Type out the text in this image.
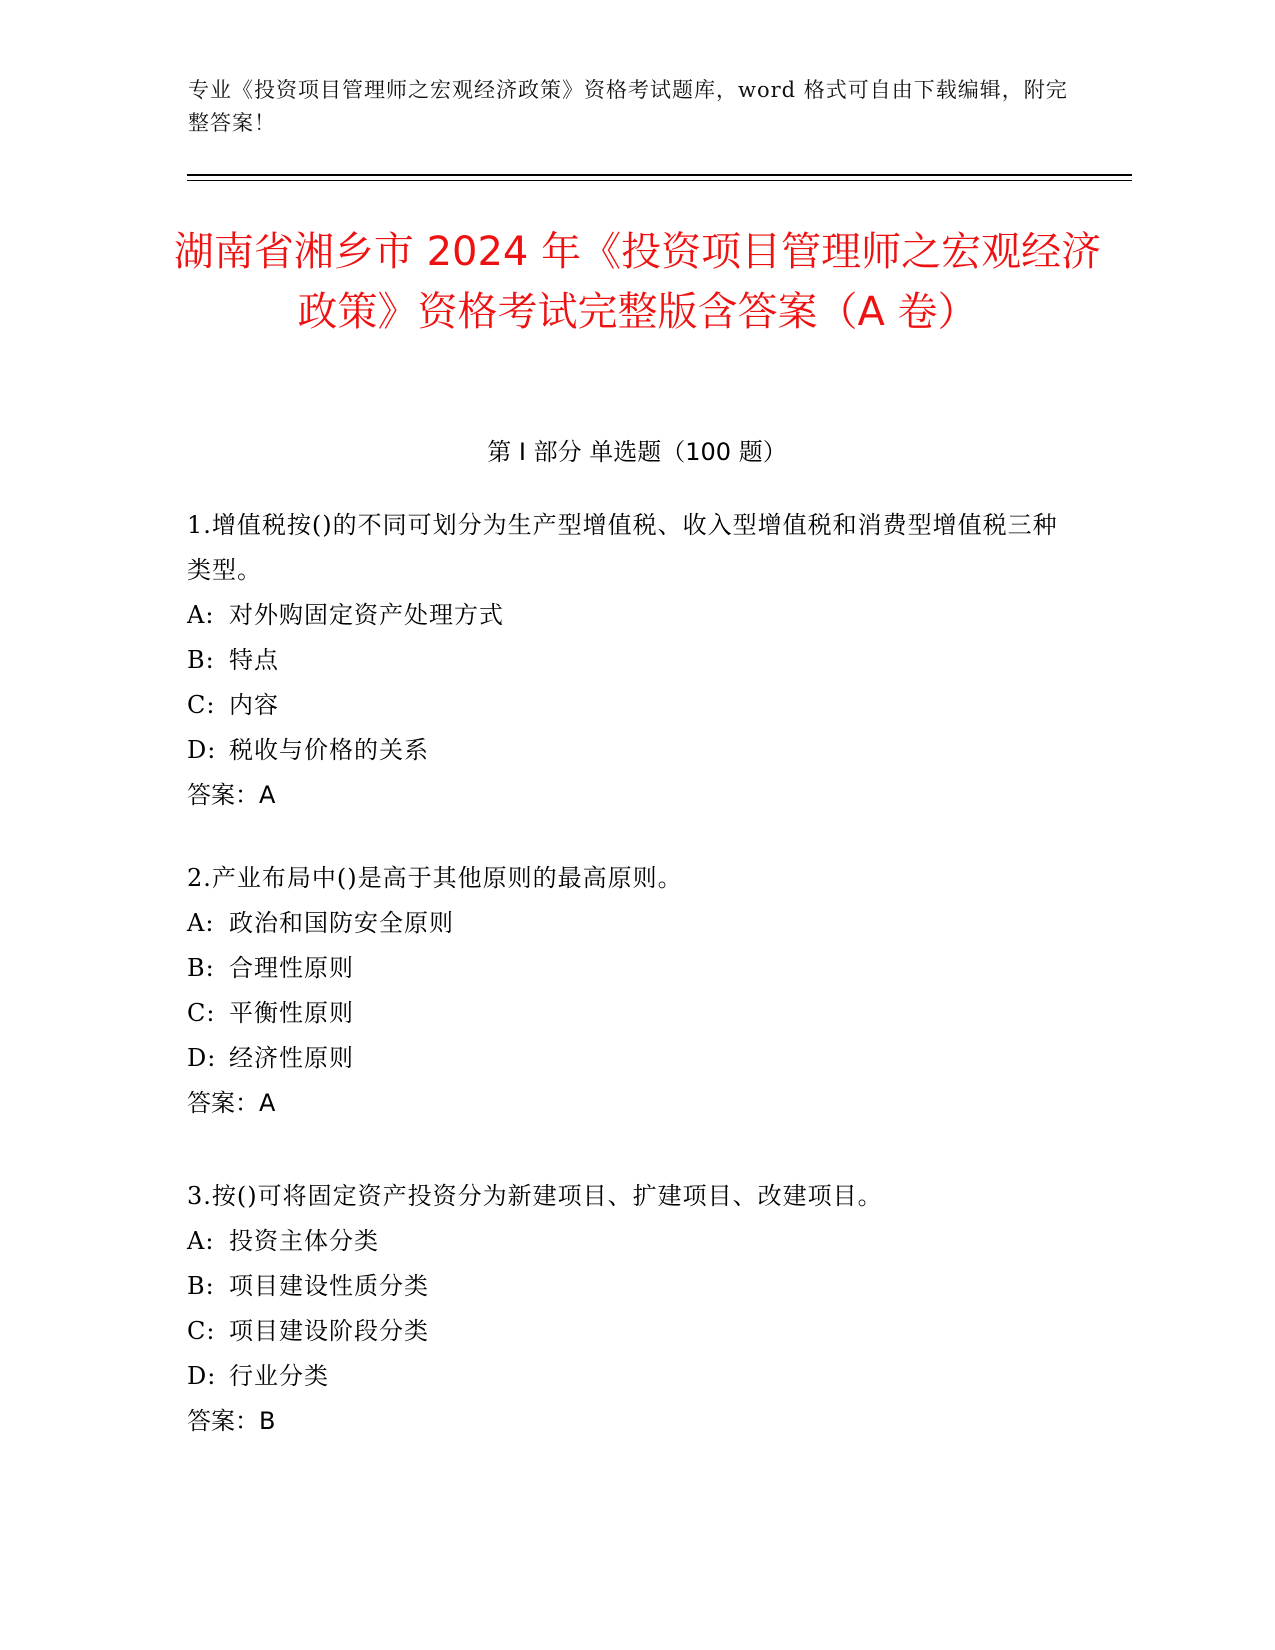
专业《投资项目管理师之宏观经济政策》资格考试题库，word 格式可自由下载编辑，附完整答案！
湖南省湘乡市 2024 年《投资项目管理师之宏观经济政策》资格考试完整版含答案（A 卷）
第 I 部分 单选题（100 题）

1.增值税按()的不同可划分为生产型增值税、收入型增值税和消费型增值税三种类型。

A: 对外购固定资产处理方式

B: 特点

C: 内容

D: 税收与价格的关系

答案：A

2.产业布局中()是高于其他原则的最高原则。

A: 政治和国防安全原则

B: 合理性原则

C: 平衡性原则

D: 经济性原则

答案：A

3.按()可将固定资产投资分为新建项目、扩建项目、改建项目。

A: 投资主体分类

B: 项目建设性质分类

C: 项目建设阶段分类

D: 行业分类

答案：B
